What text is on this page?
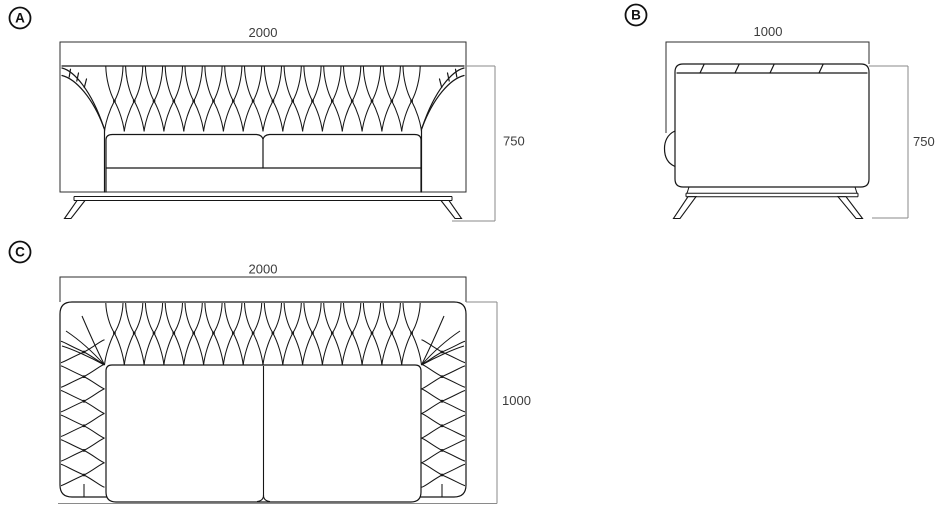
A
2000
750
B
1000
750
C
2000
1000
